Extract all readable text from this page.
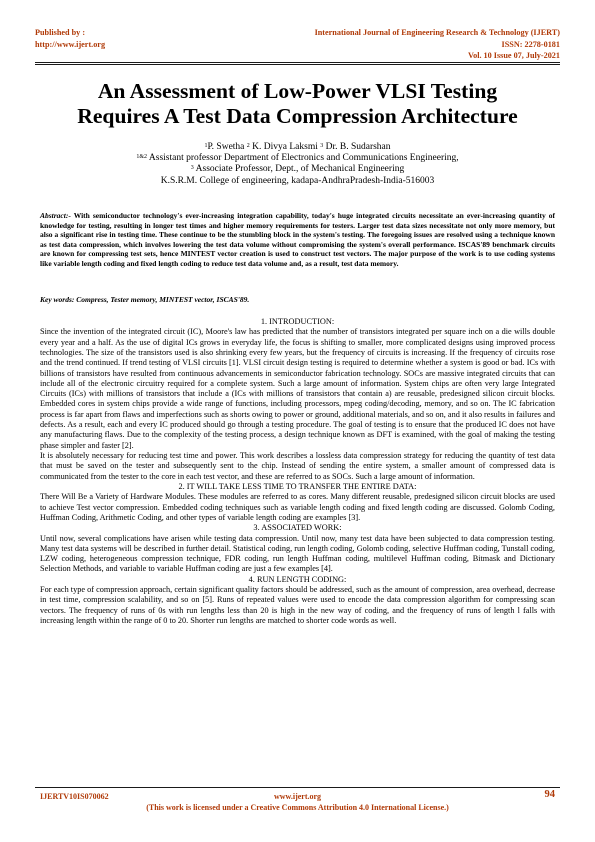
Published by :
http://www.ijert.org
International Journal of Engineering Research & Technology (IJERT)
ISSN: 2278-0181
Vol. 10 Issue 07, July-2021
An Assessment of Low-Power VLSI Testing
Requires A Test Data Compression Architecture
$^1$P. Swetha $^2$ K. Divya Laksmi $^3$ Dr. B. Sudarshan
$^{1\&2}$ Assistant professor Department of Electronics and Communications Engineering,
$^3$ Associate Professor, Dept., of Mechanical Engineering
K.S.R.M. College of engineering, kadapa-AndhraPradesh-India-516003
Abstract:- With semiconductor technology's ever-increasing integration capability, today's huge integrated circuits necessitate an ever-increasing quantity of knowledge for testing, resulting in longer test times and higher memory requirements for testers. Larger test data sizes necessitate not only more memory, but also a significant rise in testing time. These continue to be the stumbling block in the system's testing. The foregoing issues are resolved using a technique known as test data compression, which involves lowering the test data volume without compromising the system's overall performance. ISCAS'89 benchmark circuits are known for compressing test sets, hence MINTEST vector creation is used to construct test vectors. The major purpose of the work is to use coding systems like variable length coding and fixed length coding to reduce test data volume and, as a result, test data memory.
Key words: Compress, Tester memory, MINTEST vector, ISCAS'89.
1. INTRODUCTION:

Since the invention of the integrated circuit (IC), Moore's law has predicted that the number of transistors integrated per square inch on a die wills double every year and a half. As the use of digital ICs grows in everyday life, the focus is shifting to smaller, more complicated designs using improved process technologies. The size of the transistors used is also shrinking every few years, but the frequency of circuits is increasing. If the frequency of circuits rose and the trend continued. If trend testing of VLSI circuits [1]. VLSI circuit design testing is required to determine whether a system is good or bad. ICs with billions of transistors have resulted from continuous advancements in semiconductor fabrication technology. SOCs are massive integrated circuits that can include all of the electronic circuitry required for a complete system. Such a large amount of information. System chips are often very large Integrated Circuits (ICs) with millions of transistors that include a (ICs with millions of transistors that contain a) are reusable, predesigned silicon circuit blocks. Embedded cores in system chips provide a wide range of functions, including processors, mpeg coding/decoding, memory, and so on. The IC fabrication process is far apart from flaws and imperfections such as shorts owing to power or ground, additional materials, and so on, and it also results in failures and defects. As a result, each and every IC produced should go through a testing procedure. The goal of testing is to ensure that the produced IC does not have any manufacturing flaws. Due to the complexity of the testing process, a design technique known as DFT is examined, with the goal of making the testing phase simpler and faster [2].

It is absolutely necessary for reducing test time and power. This work describes a lossless data compression strategy for reducing the quantity of test data that must be saved on the tester and subsequently sent to the chip. Instead of sending the entire system, a smaller amount of compressed data is communicated from the tester to the core in each test vector, and these are referred to as SOCs. Such a large amount of information.

2. IT WILL TAKE LESS TIME TO TRANSFER THE ENTIRE DATA:

There Will Be a Variety of Hardware Modules. These modules are referred to as cores. Many different reusable, predesigned silicon circuit blocks are used to achieve Test vector compression. Embedded coding techniques such as variable length coding and fixed length coding are discussed. Golomb Coding, Huffman Coding, Arithmetic Coding, and other types of variable length coding are examples [3].

3. ASSOCIATED WORK:

Until now, several complications have arisen while testing data compression. Until now, many test data have been subjected to data compression testing. Many test data systems will be described in further detail. Statistical coding, run length coding, Golomb coding, selective Huffman coding, Tunstall coding, LZW coding, heterogeneous compression technique, FDR coding, run length Huffman coding, multilevel Huffman coding, Bitmask and Dictionary Selection Methods, and variable to variable Huffman coding are just a few examples [4].

4. RUN LENGTH CODING:

For each type of compression approach, certain significant quality factors should be addressed, such as the amount of compression, area overhead, decrease in test time, compression scalability, and so on [5]. Runs of repeated values were used to encode the data compression algorithm for compressing scan vectors. The frequency of runs of 0s with run lengths less than 20 is high in the new way of coding, and the frequency of runs of length l falls with increasing length within the range of 0 to 20. Shorter run lengths are matched to shorter code words as well.

IJERTV10IS070062	www.ijert.org	94
(This work is licensed under a Creative Commons Attribution 4.0 International License.)
